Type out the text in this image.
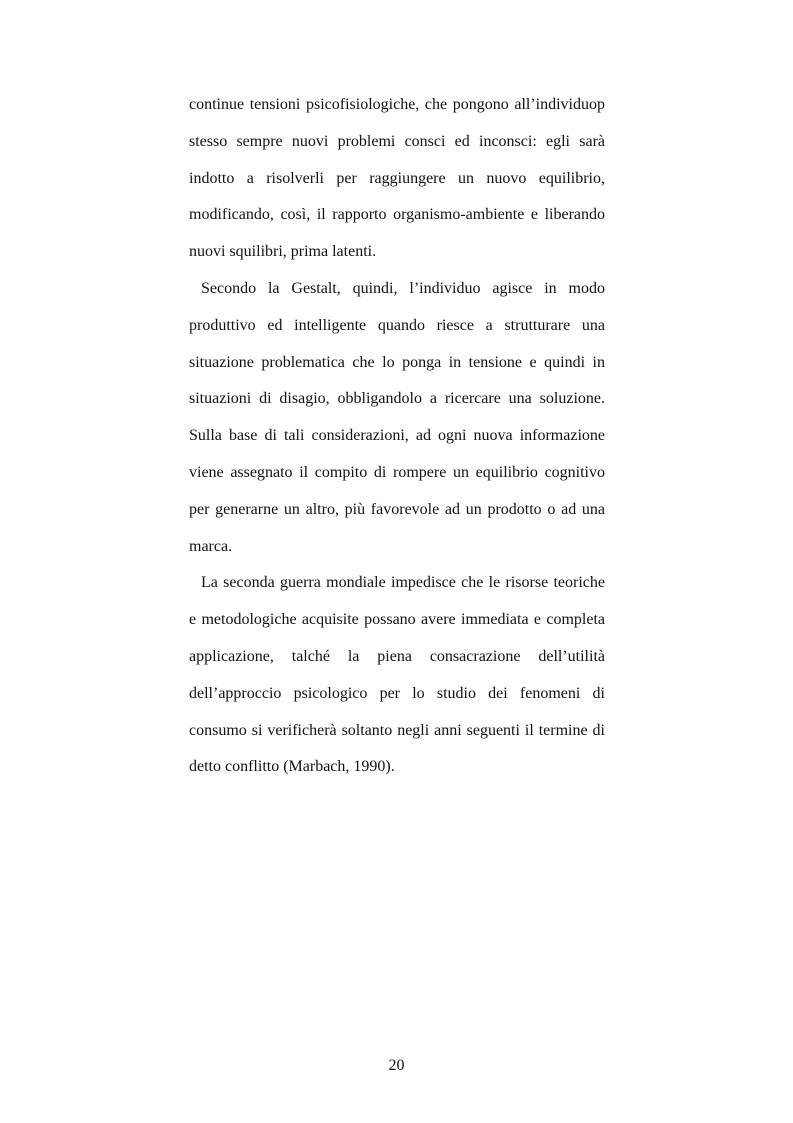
continue tensioni psicofisiologiche, che pongono all’individuop stesso sempre nuovi problemi consci ed inconsci: egli sarà indotto a risolverli per raggiungere un nuovo equilibrio, modificando, così, il rapporto organismo-ambiente e liberando nuovi squilibri, prima latenti.

Secondo la Gestalt, quindi, l’individuo agisce in modo produttivo ed intelligente quando riesce a strutturare una situazione problematica che lo ponga in tensione e quindi in situazioni di disagio, obbligandolo a ricercare una soluzione. Sulla base di tali considerazioni, ad ogni nuova informazione viene assegnato il compito di rompere un equilibrio cognitivo per generarne un altro, più favorevole ad un prodotto o ad una marca.

La seconda guerra mondiale impedisce che le risorse teoriche e metodologiche acquisite possano avere immediata e completa applicazione, talché la piena consacrazione dell’utilità dell’approccio psicologico per lo studio dei fenomeni di consumo si verificherà soltanto negli anni seguenti il termine di detto conflitto (Marbach, 1990).

20
